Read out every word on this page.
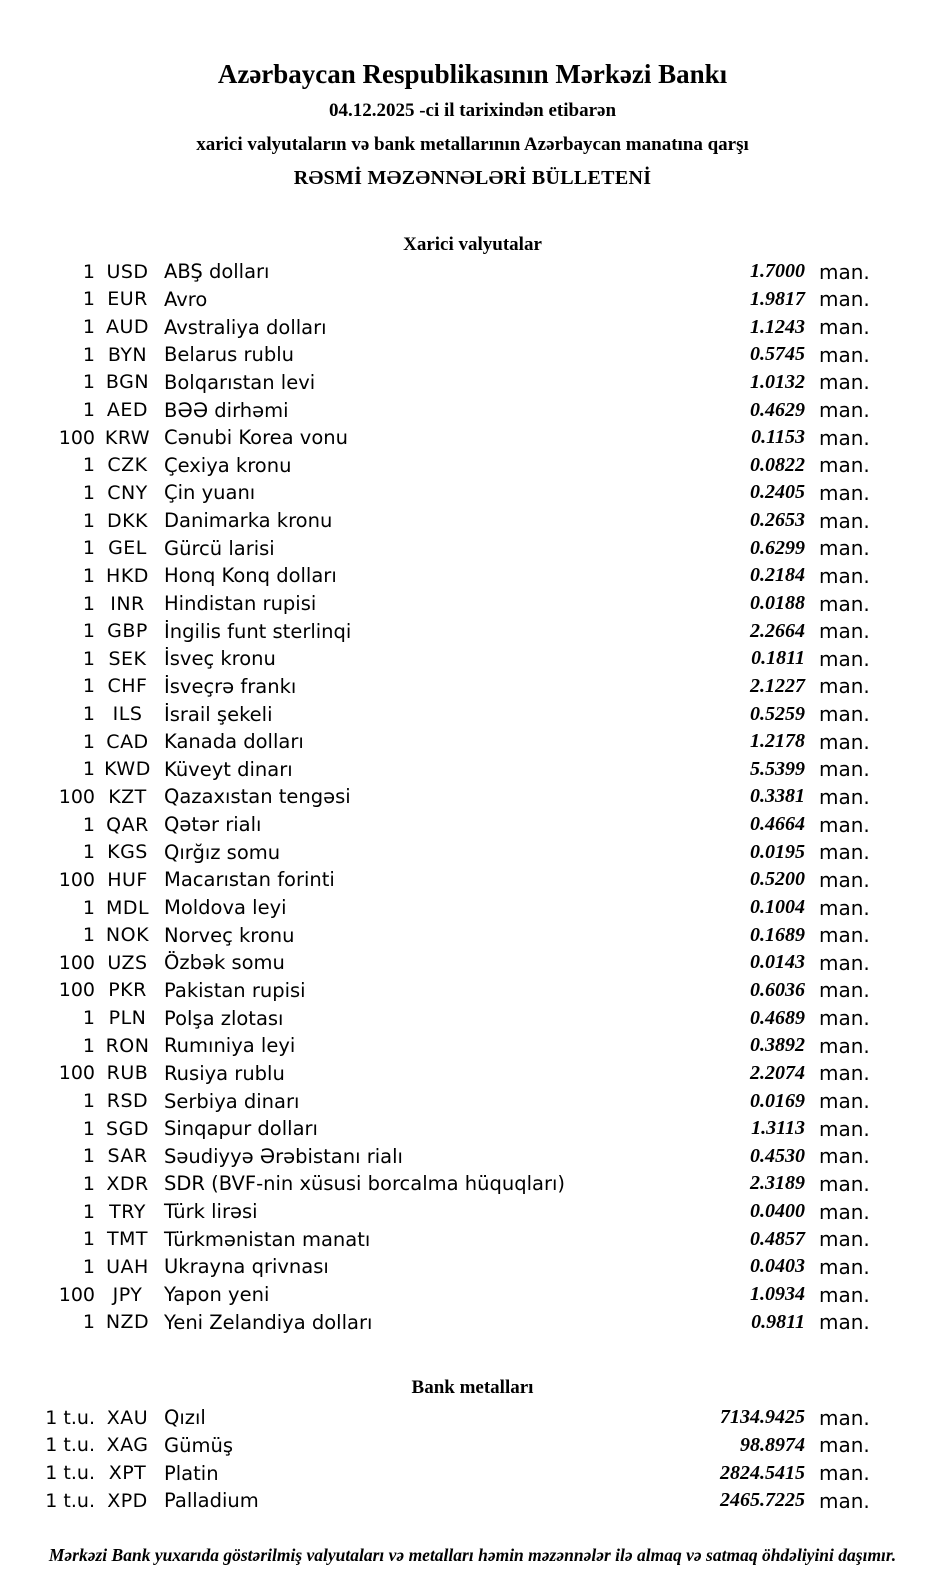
Azərbaycan Respublikasının Mərkəzi Bankı
04.12.2025 -ci il tarixindən etibarən
xarici valyutaların və bank metallarının Azərbaycan manatına qarşı
RƏSMİ MƏZƏNNƏLƏRİ BÜLLETENİ
Xarici valyutalar
1 USD ABŞ dolları	1.7000 man.
1 EUR Avro	1.9817 man.
1 AUD Avstraliya dolları	1.1243 man.
1 BYN Belarus rublu	0.5745 man.
1 BGN Bolqarıstan levi	1.0132 man.
1 AED BƏƏ dirhəmi	0.4629 man.
100 KRW Cənubi Korea vonu	0.1153 man.
1 CZK Çexiya kronu	0.0822 man.
1 CNY Çin yuanı	0.2405 man.
1 DKK Danimarka kronu	0.2653 man.
1 GEL Gürcü larisi	0.6299 man.
1 HKD Honq Konq dolları	0.2184 man.
1 INR Hindistan rupisi	0.0188 man.
1 GBP İngilis funt sterlinqi	2.2664 man.
1 SEK İsveç kronu	0.1811 man.
1 CHF İsveçrə frankı	2.1227 man.
1 ILS	İsrail şekeli	0.5259 man.
1 CAD Kanada dolları	1.2178 man.
1 KWD Küveyt dinarı	5.5399 man.
100 KZT Qazaxıstan tengəsi	0.3381 man.
1 QAR Qətər rialı	0.4664 man.
1 KGS Qırğız somu	0.0195 man.
100 HUF Macarıstan forinti	0.5200 man.
1 MDL Moldova leyi	0.1004 man.
1 NOK Norveç kronu	0.1689 man.
100 UZS Özbək somu	0.0143 man.
100 PKR Pakistan rupisi	0.6036 man.
1 PLN Polşa zlotası	0.4689 man.
1 RON Rumıniya leyi	0.3892 man.
100 RUB Rusiya rublu	2.2074 man.
1 RSD Serbiya dinarı	0.0169 man.
1 SGD Sinqapur dolları	1.3113 man.
1 SAR Səudiyyə Ərəbistanı rialı	0.4530 man.
1 XDR SDR (BVF-nin xüsusi borcalma hüquqları)	2.3189 man.
1 TRY Türk lirəsi	0.0400 man.
1 TMT Türkmənistan manatı	0.4857 man.
1 UAH Ukrayna qrivnası	0.0403 man.
100 JPY	Yapon yeni	1.0934 man.
1 NZD Yeni Zelandiya dolları	0.9811 man.
Bank metalları
1 t.u. XAU Qızıl	7134.9425 man.
1 t.u. XAG Gümüş	98.8974 man.
1 t.u. XPT Platin	2824.5415 man.
1 t.u. XPD Palladium	2465.7225 man.
Mərkəzi Bank yuxarıda göstərilmiş valyutaları və metalları həmin məzənnələr ilə almaq və satmaq öhdəliyini daşımır.
